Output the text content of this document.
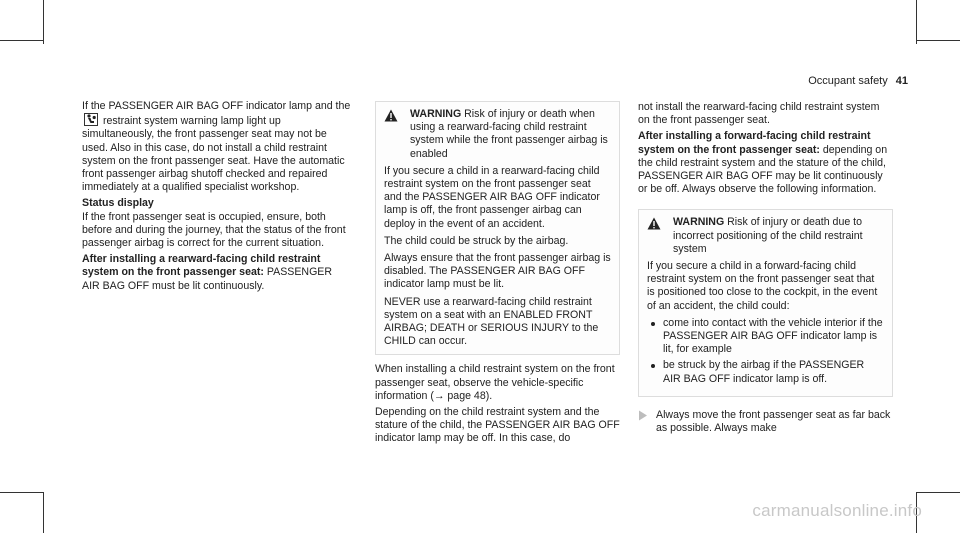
Occupant safety 41

If the PASSENGER AIR BAG OFF indicator lamp and the
restraint system warning lamp light up simultaneously, the front passenger seat may not be used. Also in this case, do not install a child restraint system on the front passenger seat. Have the automatic front passenger airbag shutoff checked and repaired immediately at a qualified specialist workshop.

Status display

If the front passenger seat is occupied, ensure, both before and during the journey, that the status of the front passenger airbag is correct for the current situation.

After installing a rearward-facing child restraint system on the front passenger seat: PASSENGER AIR BAG OFF must be lit continuously.

WARNING Risk of injury or death when using a rearward-facing child restraint system while the front passenger airbag is enabled

If you secure a child in a rearward-facing child restraint system on the front passenger seat and the PASSENGER AIR BAG OFF indicator lamp is off, the front passenger airbag can deploy in the event of an accident.

The child could be struck by the airbag.

Always ensure that the front passenger airbag is disabled. The PASSENGER AIR BAG OFF indicator lamp must be lit.

NEVER use a rearward-facing child restraint system on a seat with an ENABLED FRONT AIRBAG; DEATH or SERIOUS INJURY to the CHILD can occur.

When installing a child restraint system on the front passenger seat, observe the vehicle-specific information (→ page 48).

Depending on the child restraint system and the stature of the child, the PASSENGER AIR BAG OFF indicator lamp may be off. In this case, do

not install the rearward-facing child restraint system on the front passenger seat.

After installing a forward-facing child restraint system on the front passenger seat: depending on the child restraint system and the stature of the child, PASSENGER AIR BAG OFF may be lit continuously or be off. Always observe the following information.

WARNING Risk of injury or death due to incorrect positioning of the child restraint system

If you secure a child in a forward-facing child restraint system on the front passenger seat that is positioned too close to the cockpit, in the event of an accident, the child could:

come into contact with the vehicle interior if the PASSENGER AIR BAG OFF indicator lamp is lit, for example
be struck by the airbag if the PASSENGER AIR BAG OFF indicator lamp is off.
Always move the front passenger seat as far back as possible. Always make
carmanualsonline.info
